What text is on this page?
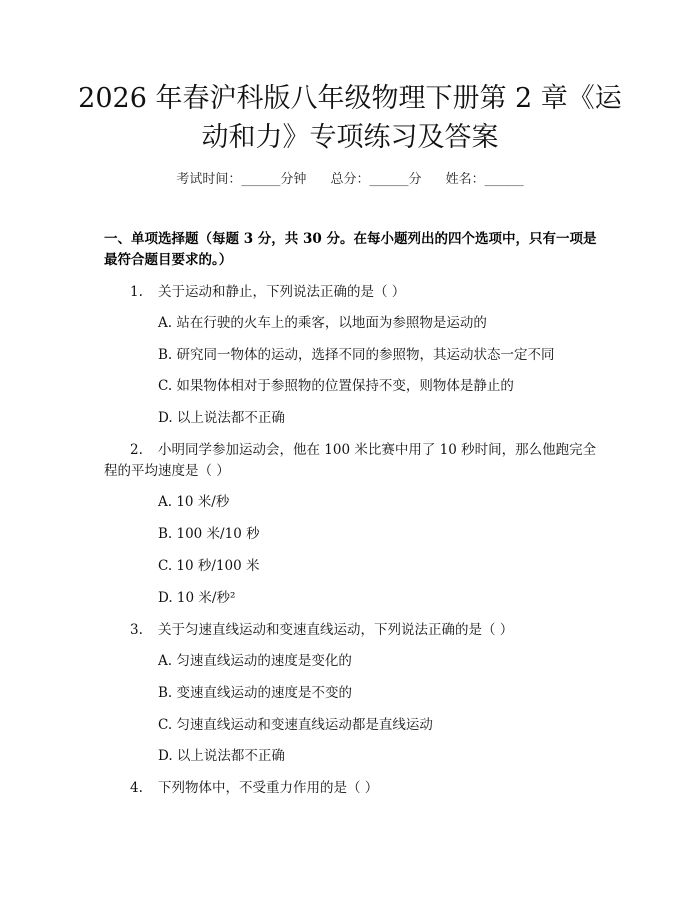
2026 年春沪科版八年级物理下册第 2 章《运
动和力》专项练习及答案
考试时间：______分钟 总分：______分 姓名：______
一、单项选择题（每题 3 分，共 30 分。在每小题列出的四个选项中，只有一项是
最符合题目要求的。）
1. 关于运动和静止，下列说法正确的是（ ）
A. 站在行驶的火车上的乘客，以地面为参照物是运动的
B. 研究同一物体的运动，选择不同的参照物，其运动状态一定不同
C. 如果物体相对于参照物的位置保持不变，则物体是静止的
D. 以上说法都不正确
2. 小明同学参加运动会，他在 100 米比赛中用了 10 秒时间，那么他跑完全
程的平均速度是（ ）
A. 10 米/秒
B. 100 米/10 秒
C. 10 秒/100 米
D. 10 米/秒²
3. 关于匀速直线运动和变速直线运动，下列说法正确的是（ ）
A. 匀速直线运动的速度是变化的
B. 变速直线运动的速度是不变的
C. 匀速直线运动和变速直线运动都是直线运动
D. 以上说法都不正确
4. 下列物体中，不受重力作用的是（ ）
